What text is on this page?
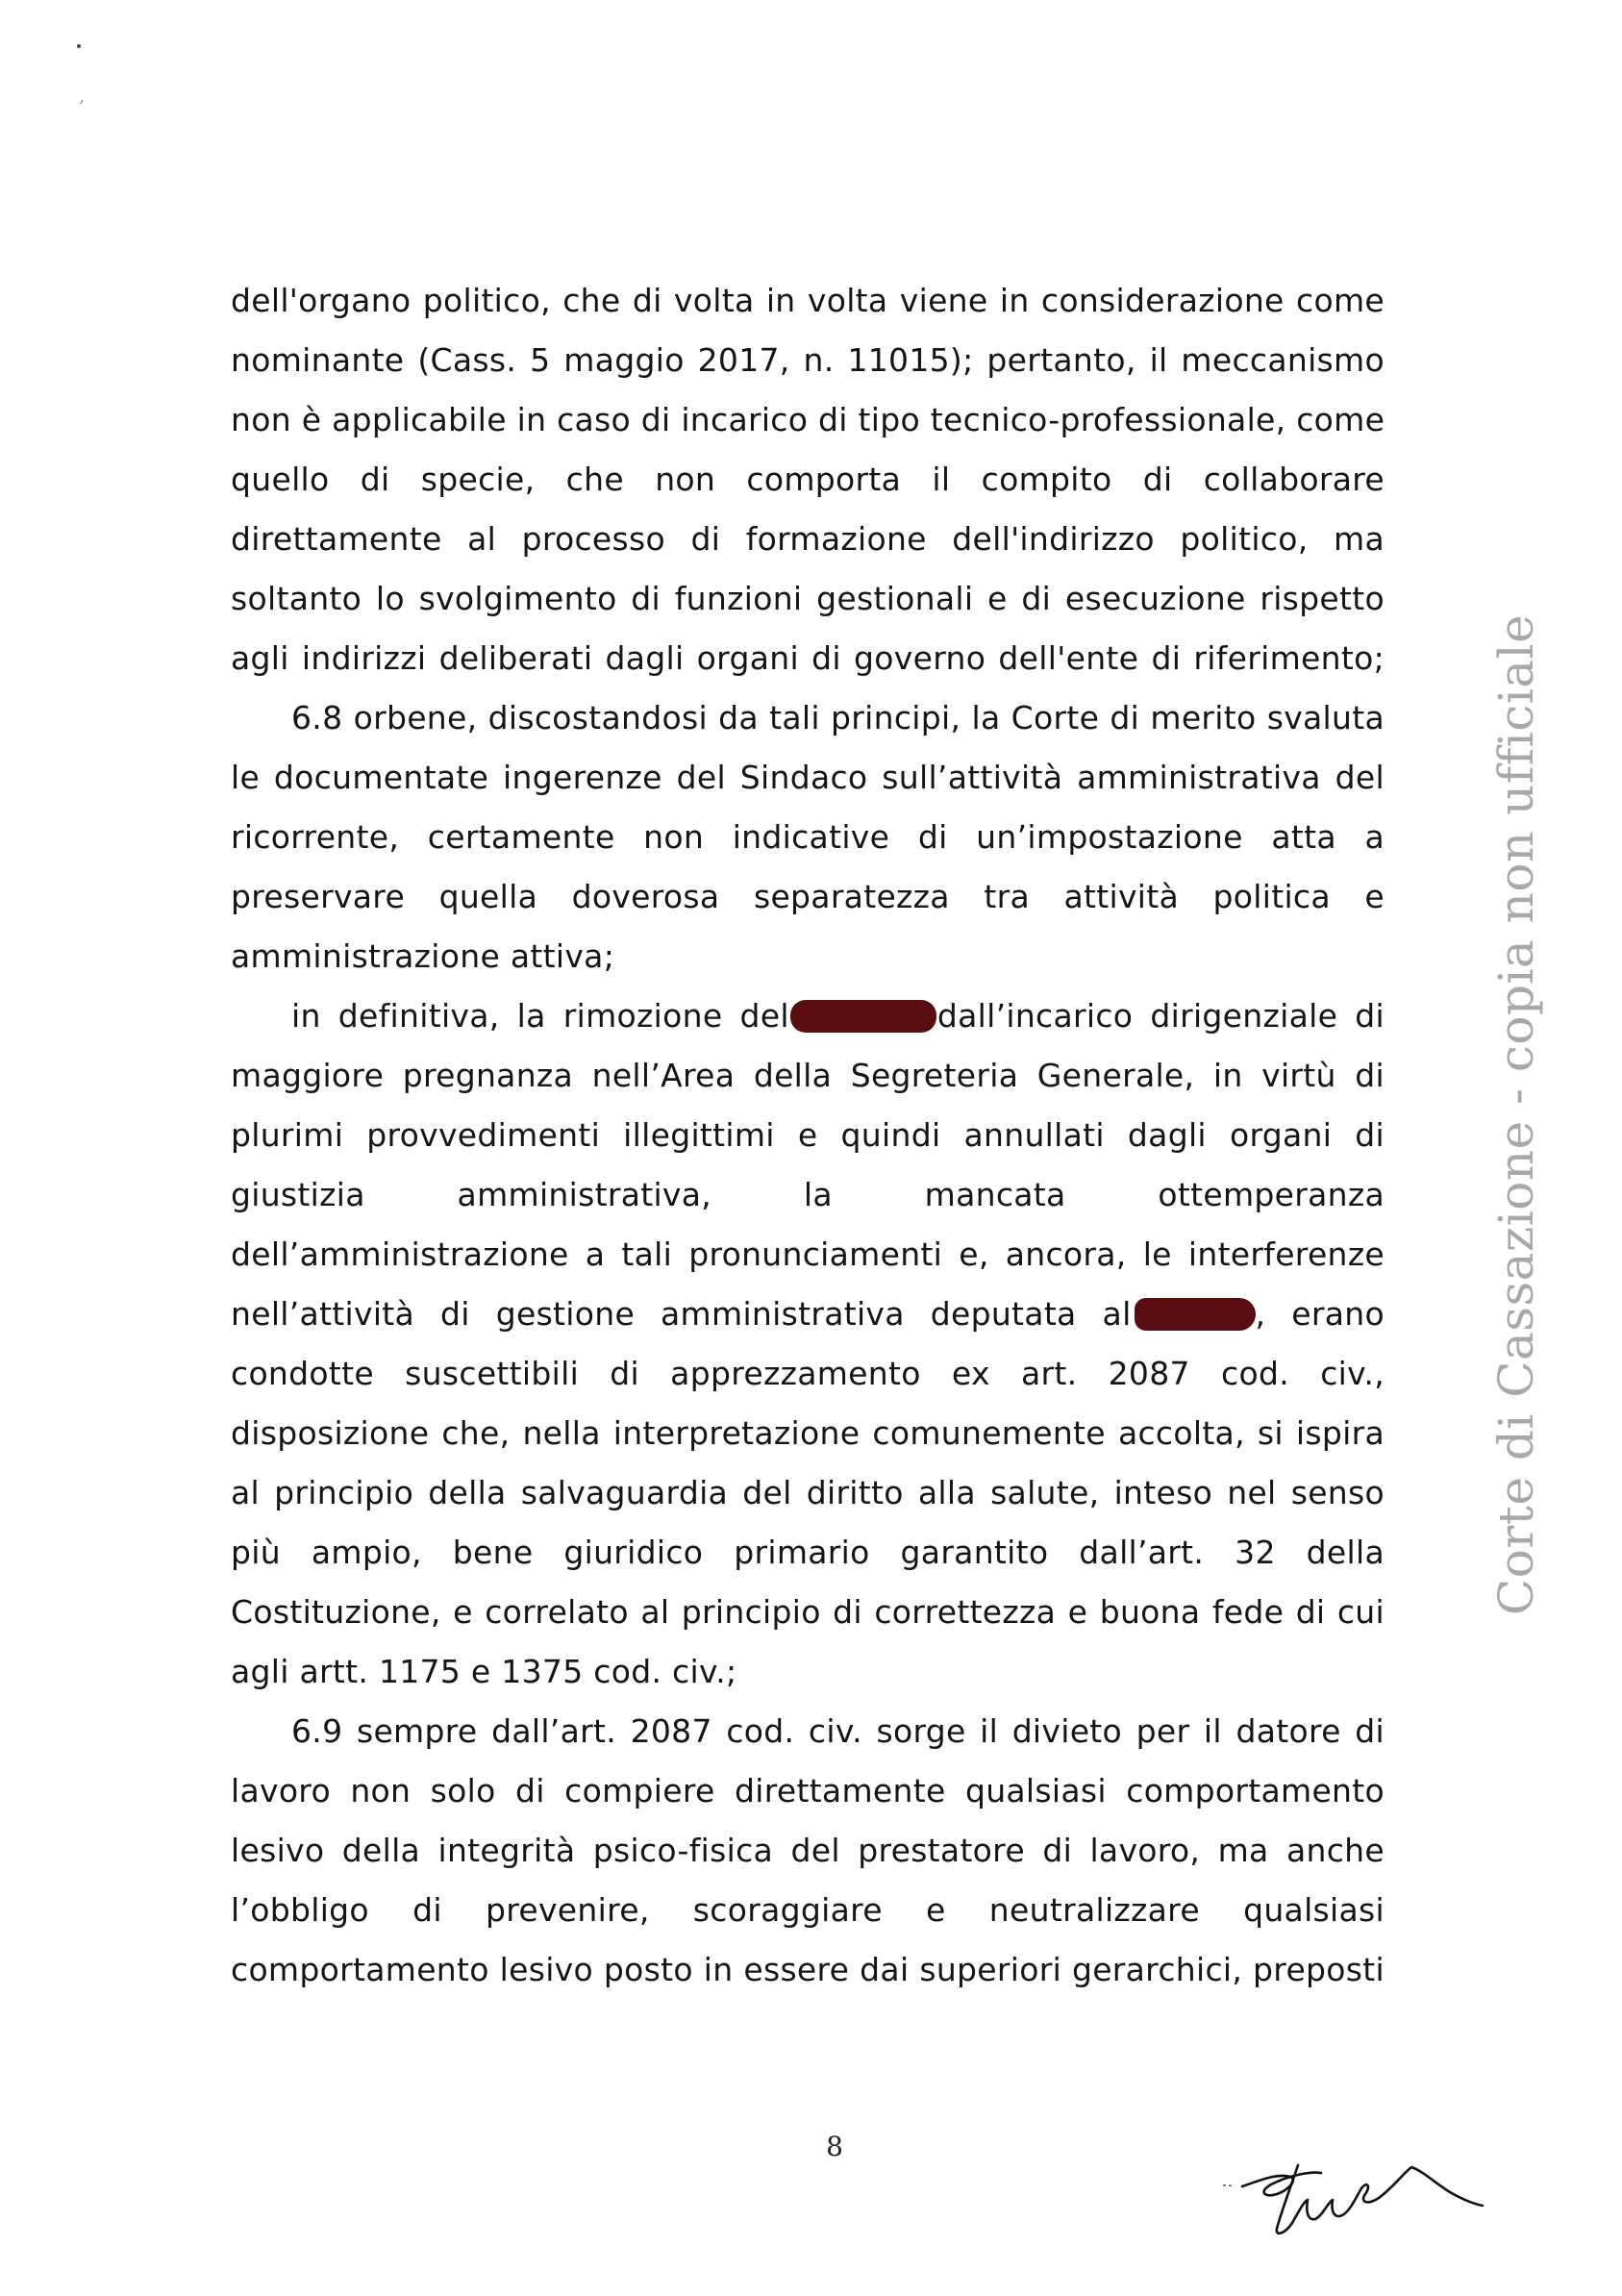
dell'organo politico, che di volta in volta viene in considerazione come
nominante (Cass. 5 maggio 2017, n. 11015); pertanto, il meccanismo
non è applicabile in caso di incarico di tipo tecnico-professionale, come
quello di specie, che non comporta il compito di collaborare
direttamente al processo di formazione dell'indirizzo politico, ma
soltanto lo svolgimento di funzioni gestionali e di esecuzione rispetto
agli indirizzi deliberati dagli organi di governo dell'ente di riferimento;
6.8 orbene, discostandosi da tali principi, la Corte di merito svaluta
le documentate ingerenze del Sindaco sull’attività amministrativa del
ricorrente, certamente non indicative di un’impostazione atta a
preservare quella doverosa separatezza tra attività politica e
amministrazione attiva;
in definitiva, la rimozione del	dall’incarico dirigenziale di
maggiore pregnanza nell’Area della Segreteria Generale, in virtù di
plurimi provvedimenti illegittimi e quindi annullati dagli organi di
giustizia amministrativa, la mancata ottemperanza
dell’amministrazione a tali pronunciamenti e, ancora, le interferenze
nell’attività di gestione amministrativa deputata al	, erano
condotte suscettibili di apprezzamento ex art. 2087 cod. civ.,
disposizione che, nella interpretazione comunemente accolta, si ispira
al principio della salvaguardia del diritto alla salute, inteso nel senso
più ampio, bene giuridico primario garantito dall’art. 32 della
Costituzione, e correlato al principio di correttezza e buona fede di cui
agli artt. 1175 e 1375 cod. civ.;
6.9 sempre dall’art. 2087 cod. civ. sorge il divieto per il datore di
lavoro non solo di compiere direttamente qualsiasi comportamento
lesivo della integrità psico-fisica del prestatore di lavoro, ma anche
l’obbligo di prevenire, scoraggiare e neutralizzare qualsiasi
comportamento lesivo posto in essere dai superiori gerarchici, preposti
8
Corte di Cassazione - copia non ufficiale
